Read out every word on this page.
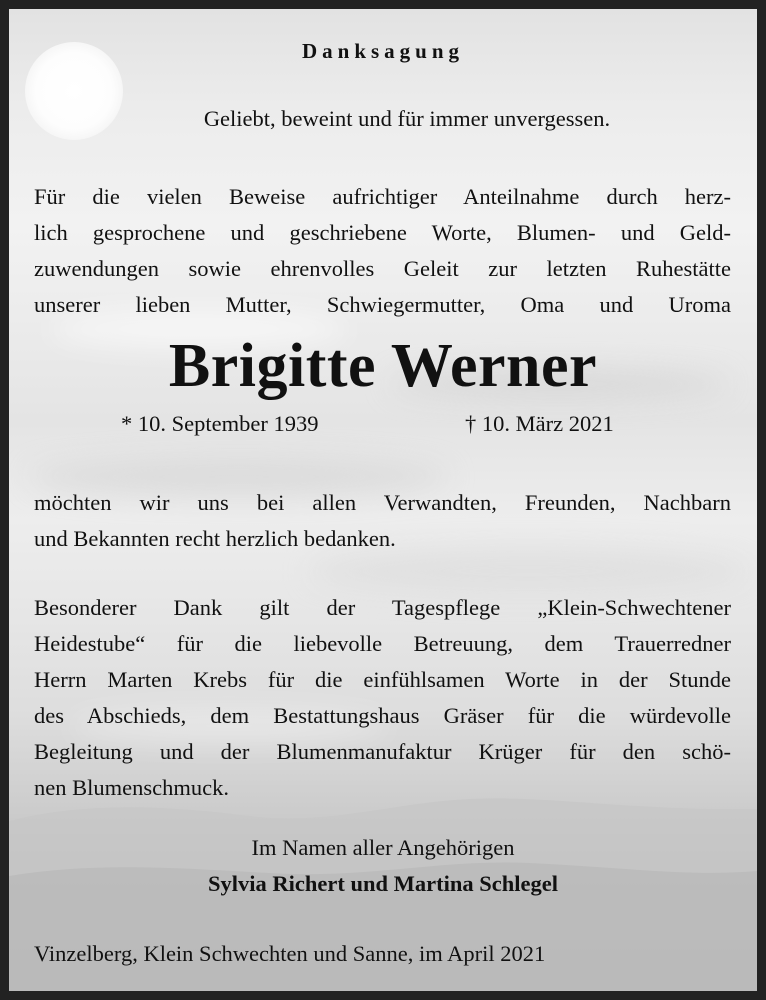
Danksagung
Geliebt, beweint und für immer unvergessen.
Für die vielen Beweise aufrichtiger Anteilnahme durch herz-
lich gesprochene und geschriebene Worte, Blumen- und Geld-
zuwendungen sowie ehrenvolles Geleit zur letzten Ruhestätte
unserer lieben Mutter, Schwiegermutter, Oma und Uroma
Brigitte Werner
* 10. September 1939	† 10. März 2021
möchten wir uns bei allen Verwandten, Freunden, Nachbarn
und Bekannten recht herzlich bedanken.
Besonderer Dank gilt der Tagespflege „Klein-Schwechtener
Heidestube“ für die liebevolle Betreuung, dem Trauerredner
Herrn Marten Krebs für die einfühlsamen Worte in der Stunde
des Abschieds, dem Bestattungshaus Gräser für die würdevolle
Begleitung und der Blumenmanufaktur Krüger für den schö-
nen Blumenschmuck.
Im Namen aller Angehörigen
Sylvia Richert und Martina Schlegel
Vinzelberg, Klein Schwechten und Sanne, im April 2021
